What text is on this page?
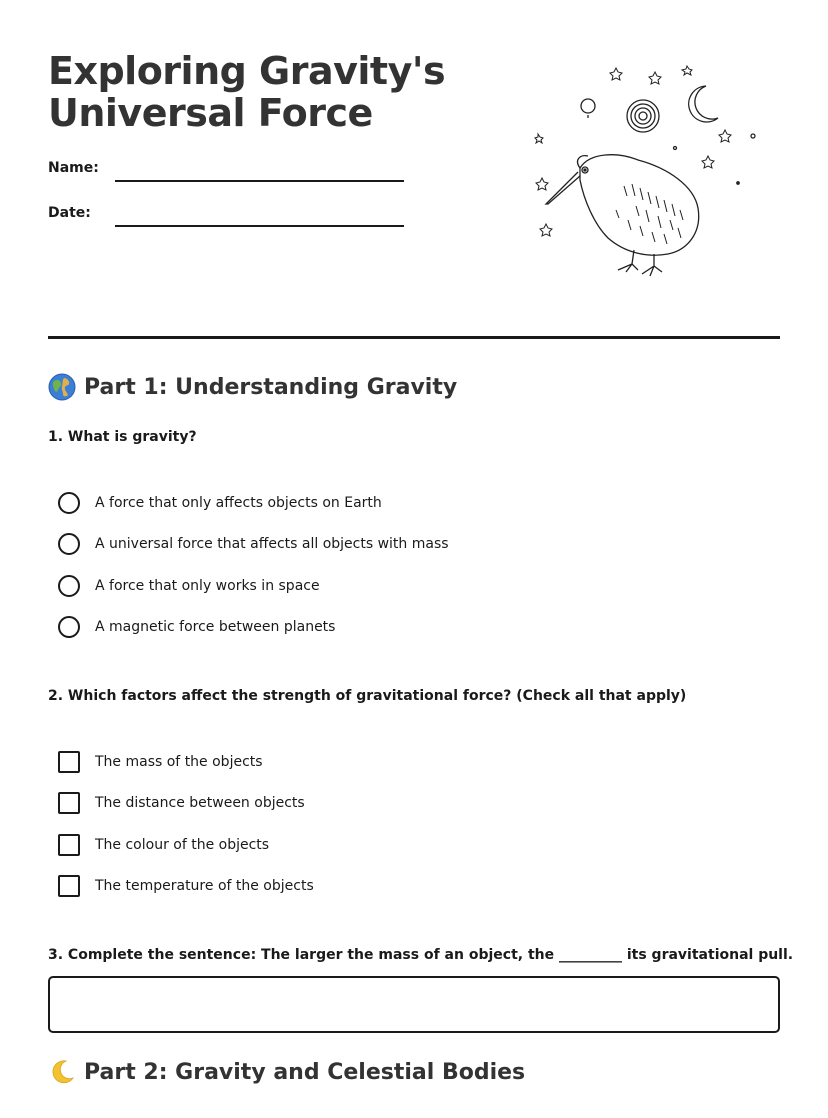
Exploring Gravity's
Universal Force
Name:
Date:
Part 1: Understanding Gravity

1. What is gravity?

A force that only affects objects on Earth
A universal force that affects all objects with mass
A force that only works in space
A magnetic force between planets

2. Which factors affect the strength of gravitational force? (Check all that apply)

The mass of the objects
The distance between objects
The colour of the objects
The temperature of the objects

3. Complete the sentence: The larger the mass of an object, the _________ its gravitational pull.

Part 2: Gravity and Celestial Bodies
